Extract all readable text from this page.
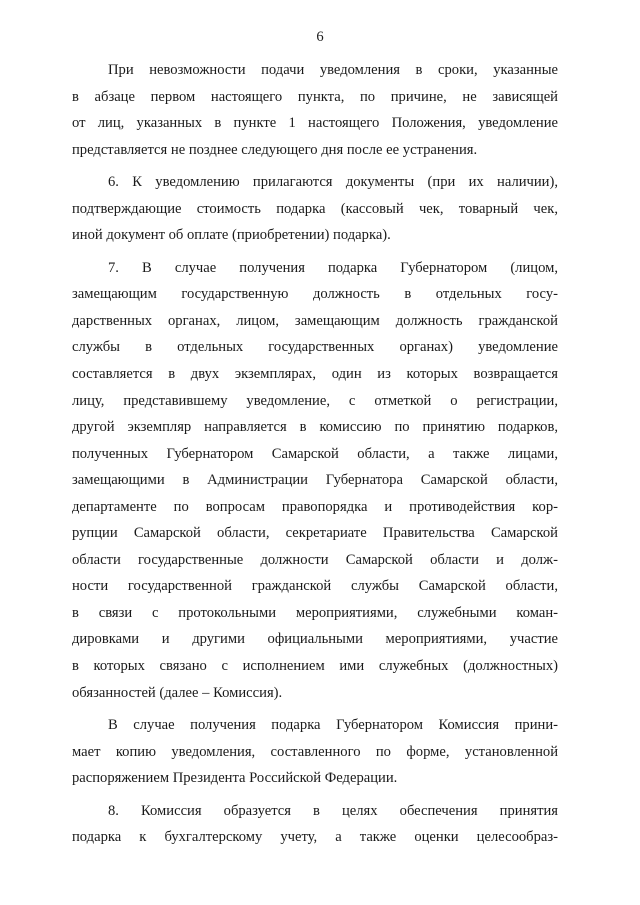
6
При невозможности подачи уведомления в сроки, указанные
в абзаце первом настоящего пункта, по причине, не зависящей
от лиц, указанных в пункте 1 настоящего Положения, уведомление
представляется не позднее следующего дня после ее устранения.
6. К уведомлению прилагаются документы (при их наличии),
подтверждающие стоимость подарка (кассовый чек, товарный чек,
иной документ об оплате (приобретении) подарка).
7. В случае получения подарка Губернатором (лицом,
замещающим государственную должность в отдельных госу-
дарственных органах, лицом, замещающим должность гражданской
службы в отдельных государственных органах) уведомление
составляется в двух экземплярах, один из которых возвращается
лицу, представившему уведомление, с отметкой о регистрации,
другой экземпляр направляется в комиссию по принятию подарков,
полученных Губернатором Самарской области, а также лицами,
замещающими в Администрации Губернатора Самарской области,
департаменте по вопросам правопорядка и противодействия кор-
рупции Самарской области, секретариате Правительства Самарской
области государственные должности Самарской области и долж-
ности государственной гражданской службы Самарской области,
в связи с протокольными мероприятиями, служебными коман-
дировками и другими официальными мероприятиями, участие
в которых связано с исполнением ими служебных (должностных)
обязанностей (далее – Комиссия).
В случае получения подарка Губернатором Комиссия прини-
мает копию уведомления, составленного по форме, установленной
распоряжением Президента Российской Федерации.
8. Комиссия образуется в целях обеспечения принятия
подарка к бухгалтерскому учету, а также оценки целесообраз-
